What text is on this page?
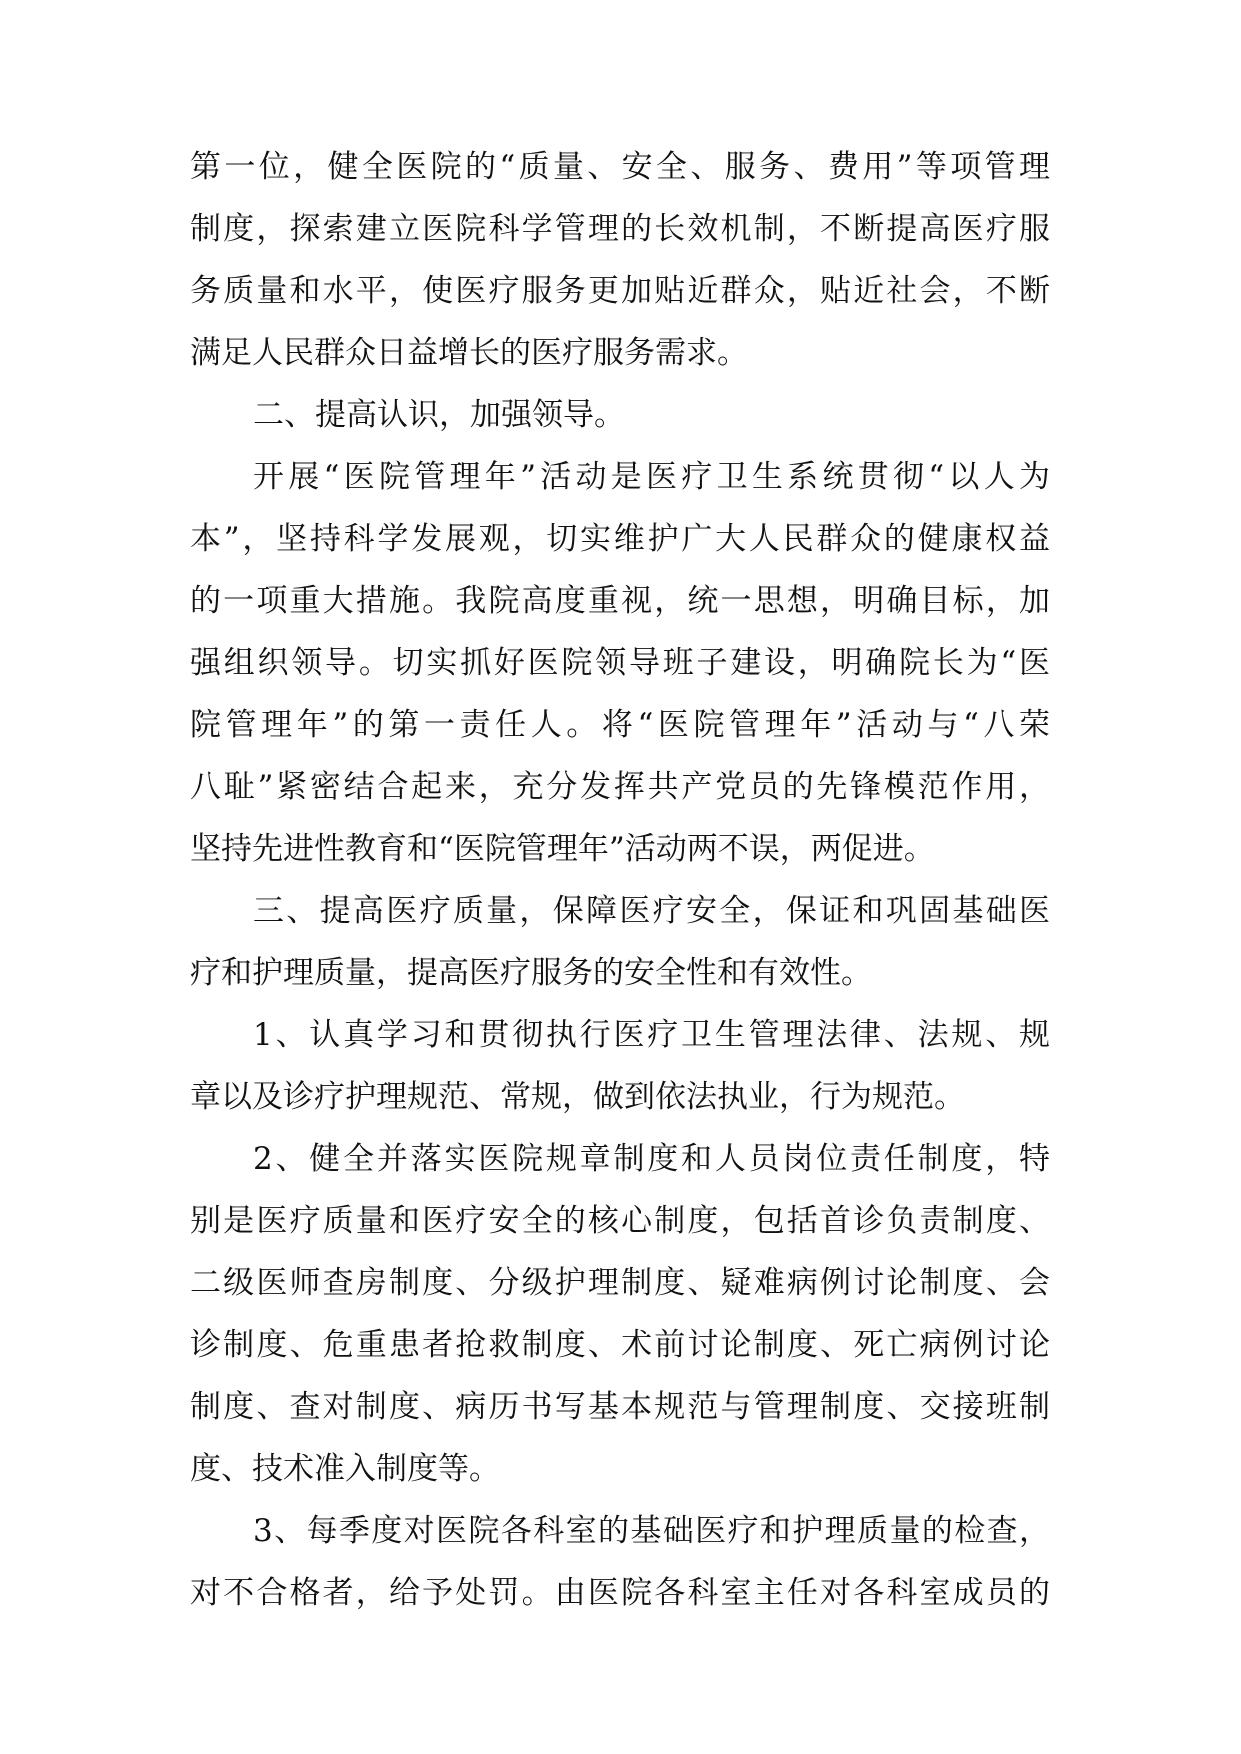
第一位，健全医院的“质量、安全、服务、费用”等项管理
制度，探索建立医院科学管理的长效机制，不断提高医疗服
务质量和水平，使医疗服务更加贴近群众，贴近社会，不断
满足人民群众日益增长的医疗服务需求。
二、提高认识，加强领导。
开展“医院管理年”活动是医疗卫生系统贯彻“以人为
本”，坚持科学发展观，切实维护广大人民群众的健康权益
的一项重大措施。我院高度重视，统一思想，明确目标，加
强组织领导。切实抓好医院领导班子建设，明确院长为“医
院管理年”的第一责任人。将“医院管理年”活动与“八荣
八耻”紧密结合起来，充分发挥共产党员的先锋模范作用，
坚持先进性教育和“医院管理年”活动两不误，两促进。
三、提高医疗质量，保障医疗安全，保证和巩固基础医
疗和护理质量，提高医疗服务的安全性和有效性。
1、认真学习和贯彻执行医疗卫生管理法律、法规、规
章以及诊疗护理规范、常规，做到依法执业，行为规范。
2、健全并落实医院规章制度和人员岗位责任制度，特
别是医疗质量和医疗安全的核心制度，包括首诊负责制度、
二级医师查房制度、分级护理制度、疑难病例讨论制度、会
诊制度、危重患者抢救制度、术前讨论制度、死亡病例讨论
制度、查对制度、病历书写基本规范与管理制度、交接班制
度、技术准入制度等。
3、每季度对医院各科室的基础医疗和护理质量的检查，
对不合格者，给予处罚。由医院各科室主任对各科室成员的
